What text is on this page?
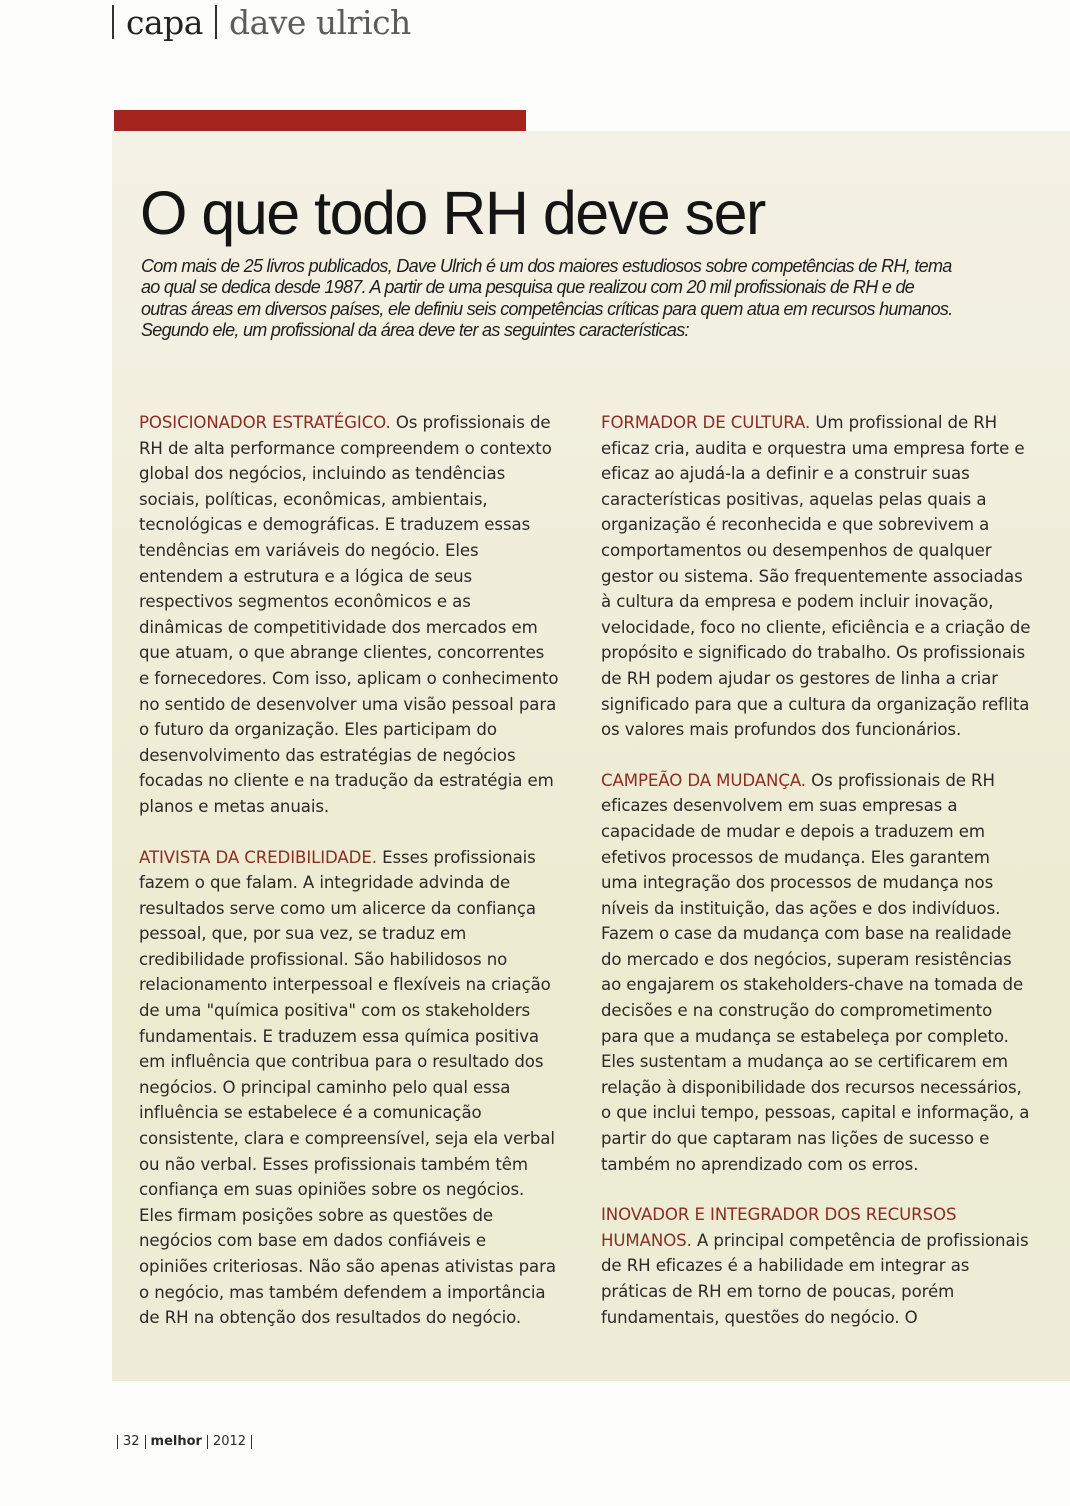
capa dave ulrich
O que todo RH deve ser

Com mais de 25 livros publicados, Dave Ulrich é um dos maiores estudiosos sobre competências de RH, tema ao qual se dedica desde 1987. A partir de uma pesquisa que realizou com 20 mil profissionais de RH e de outras áreas em diversos países, ele definiu seis competências críticas para quem atua em recursos humanos. Segundo ele, um profissional da área deve ter as seguintes características:

POSICIONADOR ESTRATÉGICO. Os profissionais de RH de alta performance compreendem o contexto global dos negócios, incluindo as tendências sociais, políticas, econômicas, ambientais, tecnológicas e demográficas. E traduzem essas tendências em variáveis do negócio. Eles entendem a estrutura e a lógica de seus respectivos segmentos econômicos e as dinâmicas de competitividade dos mercados em que atuam, o que abrange clientes, concorrentes e fornecedores. Com isso, aplicam o conhecimento no sentido de desenvolver uma visão pessoal para o futuro da organização. Eles participam do desenvolvimento das estratégias de negócios focadas no cliente e na tradução da estratégia em planos e metas anuais.

ATIVISTA DA CREDIBILIDADE. Esses profissionais fazem o que falam. A integridade advinda de resultados serve como um alicerce da confiança pessoal, que, por sua vez, se traduz em credibilidade profissional. São habilidosos no relacionamento interpessoal e flexíveis na criação de uma "química positiva" com os stakeholders fundamentais. E traduzem essa química positiva em influência que contribua para o resultado dos negócios. O principal caminho pelo qual essa influência se estabelece é a comunicação consistente, clara e compreensível, seja ela verbal ou não verbal. Esses profissionais também têm confiança em suas opiniões sobre os negócios. Eles firmam posições sobre as questões de negócios com base em dados confiáveis e opiniões criteriosas. Não são apenas ativistas para o negócio, mas também defendem a importância de RH na obtenção dos resultados do negócio.

FORMADOR DE CULTURA. Um profissional de RH eficaz cria, audita e orquestra uma empresa forte e eficaz ao ajudá-la a definir e a construir suas características positivas, aquelas pelas quais a organização é reconhecida e que sobrevivem a comportamentos ou desempenhos de qualquer gestor ou sistema. São frequentemente associadas à cultura da empresa e podem incluir inovação, velocidade, foco no cliente, eficiência e a criação de propósito e significado do trabalho. Os profissionais de RH podem ajudar os gestores de linha a criar significado para que a cultura da organização reflita os valores mais profundos dos funcionários.

CAMPEÃO DA MUDANÇA. Os profissionais de RH eficazes desenvolvem em suas empresas a capacidade de mudar e depois a traduzem em efetivos processos de mudança. Eles garantem uma integração dos processos de mudança nos níveis da instituição, das ações e dos indivíduos. Fazem o case da mudança com base na realidade do mercado e dos negócios, superam resistências ao engajarem os stakeholders-chave na tomada de decisões e na construção do comprometimento para que a mudança se estabeleça por completo. Eles sustentam a mudança ao se certificarem em relação à disponibilidade dos recursos necessários, o que inclui tempo, pessoas, capital e informação, a partir do que captaram nas lições de sucesso e também no aprendizado com os erros.

INOVADOR E INTEGRADOR DOS RECURSOS HUMANOS. A principal competência de profissionais de RH eficazes é a habilidade em integrar as práticas de RH em torno de poucas, porém fundamentais, questões do negócio. O

32 melhor 2012
